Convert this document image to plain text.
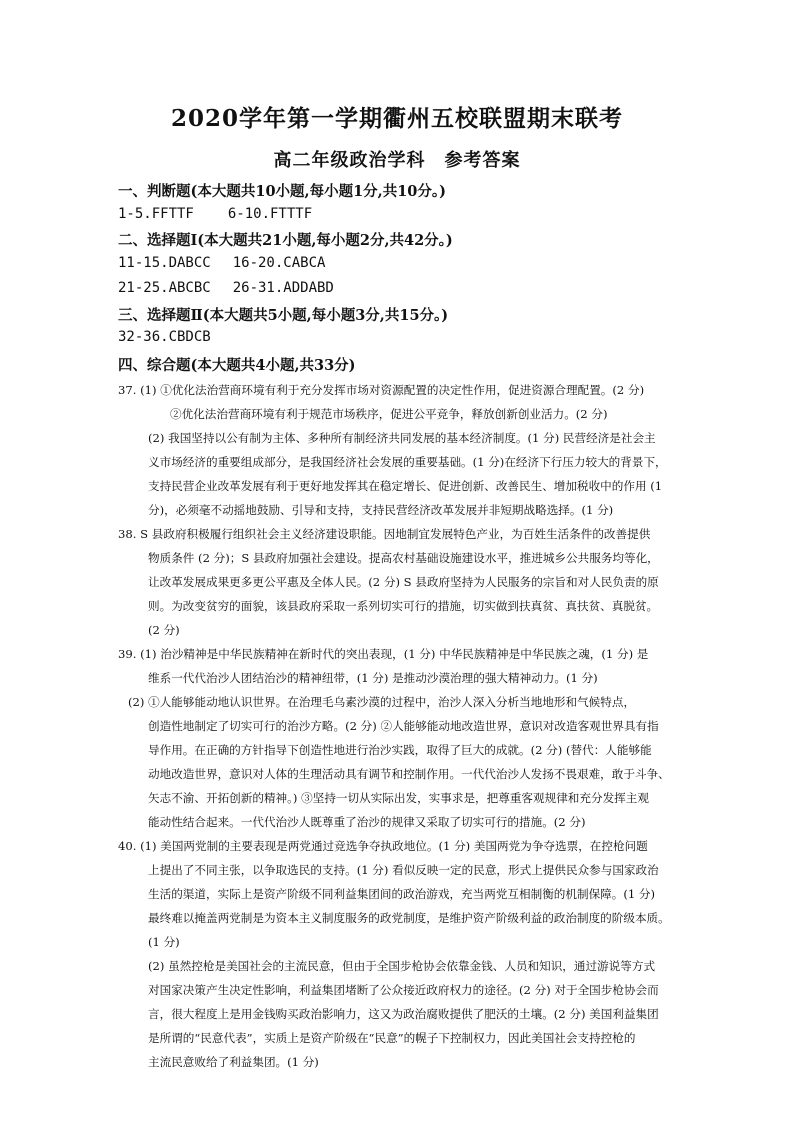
2020学年第一学期衢州五校联盟期末联考
高二年级政治学科　参考答案
一、判断题(本大题共10小题,每小题1分,共10分。)
1-5.FFTTF 6-10.FTTTF
二、选择题Ⅰ(本大题共21小题,每小题2分,共42分。)
11-15.DABCC 16-20.CABCA
21-25.ABCBC 26-31.ADDABD
三、选择题Ⅱ(本大题共5小题,每小题3分,共15分。)
32-36.CBDCB
四、综合题(本大题共4小题,共33分)
37. (1) ①优化法治营商环境有利于充分发挥市场对资源配置的决定性作用，促进资源合理配置。(2 分)
②优化法治营商环境有利于规范市场秩序，促进公平竞争，释放创新创业活力。(2 分)
(2) 我国坚持以公有制为主体、多种所有制经济共同发展的基本经济制度。(1 分) 民营经济是社会主
义市场经济的重要组成部分，是我国经济社会发展的重要基础。(1 分)在经济下行压力较大的背景下，
支持民营企业改革发展有利于更好地发挥其在稳定增长、促进创新、改善民生、增加税收中的作用 (1
分)，必须毫不动摇地鼓励、引导和支持，支持民营经济改革发展并非短期战略选择。(1 分)
38. S 县政府积极履行组织社会主义经济建设职能。因地制宜发展特色产业，为百姓生活条件的改善提供
物质条件 (2 分)；S 县政府加强社会建设。提高农村基础设施建设水平，推进城乡公共服务均等化，
让改革发展成果更多更公平惠及全体人民。(2 分) S 县政府坚持为人民服务的宗旨和对人民负责的原
则。为改变贫穷的面貌，该县政府采取一系列切实可行的措施，切实做到扶真贫、真扶贫、真脱贫。
(2 分)
39. (1) 治沙精神是中华民族精神在新时代的突出表现，(1 分) 中华民族精神是中华民族之魂，(1 分) 是
维系一代代治沙人团结治沙的精神纽带，(1 分) 是推动沙漠治理的强大精神动力。(1 分)
(2) ①人能够能动地认识世界。在治理毛乌素沙漠的过程中，治沙人深入分析当地地形和气候特点，
创造性地制定了切实可行的治沙方略。(2 分) ②人能够能动地改造世界，意识对改造客观世界具有指
导作用。在正确的方针指导下创造性地进行治沙实践，取得了巨大的成就。(2 分) (替代：人能够能
动地改造世界，意识对人体的生理活动具有调节和控制作用。一代代治沙人发扬不畏艰难，敢于斗争、
矢志不渝、开拓创新的精神。) ③坚持一切从实际出发，实事求是，把尊重客观规律和充分发挥主观
能动性结合起来。一代代治沙人既尊重了治沙的规律又采取了切实可行的措施。(2 分)
40. (1) 美国两党制的主要表现是两党通过竞选争夺执政地位。(1 分) 美国两党为争夺选票，在控枪问题
上提出了不同主张，以争取选民的支持。(1 分) 看似反映一定的民意，形式上提供民众参与国家政治
生活的渠道，实际上是资产阶级不同利益集团间的政治游戏，充当两党互相制衡的机制保障。(1 分)
最终难以掩盖两党制是为资本主义制度服务的政党制度，是维护资产阶级利益的政治制度的阶级本质。
(1 分)
(2) 虽然控枪是美国社会的主流民意，但由于全国步枪协会依靠金钱、人员和知识，通过游说等方式
对国家决策产生决定性影响，利益集团堵断了公众接近政府权力的途径。(2 分) 对于全国步枪协会而
言，很大程度上是用金钱购买政治影响力，这又为政治腐败提供了肥沃的土壤。(2 分) 美国利益集团
是所谓的“民意代表”，实质上是资产阶级在“民意”的幌子下控制权力，因此美国社会支持控枪的
主流民意败给了利益集团。(1 分)
